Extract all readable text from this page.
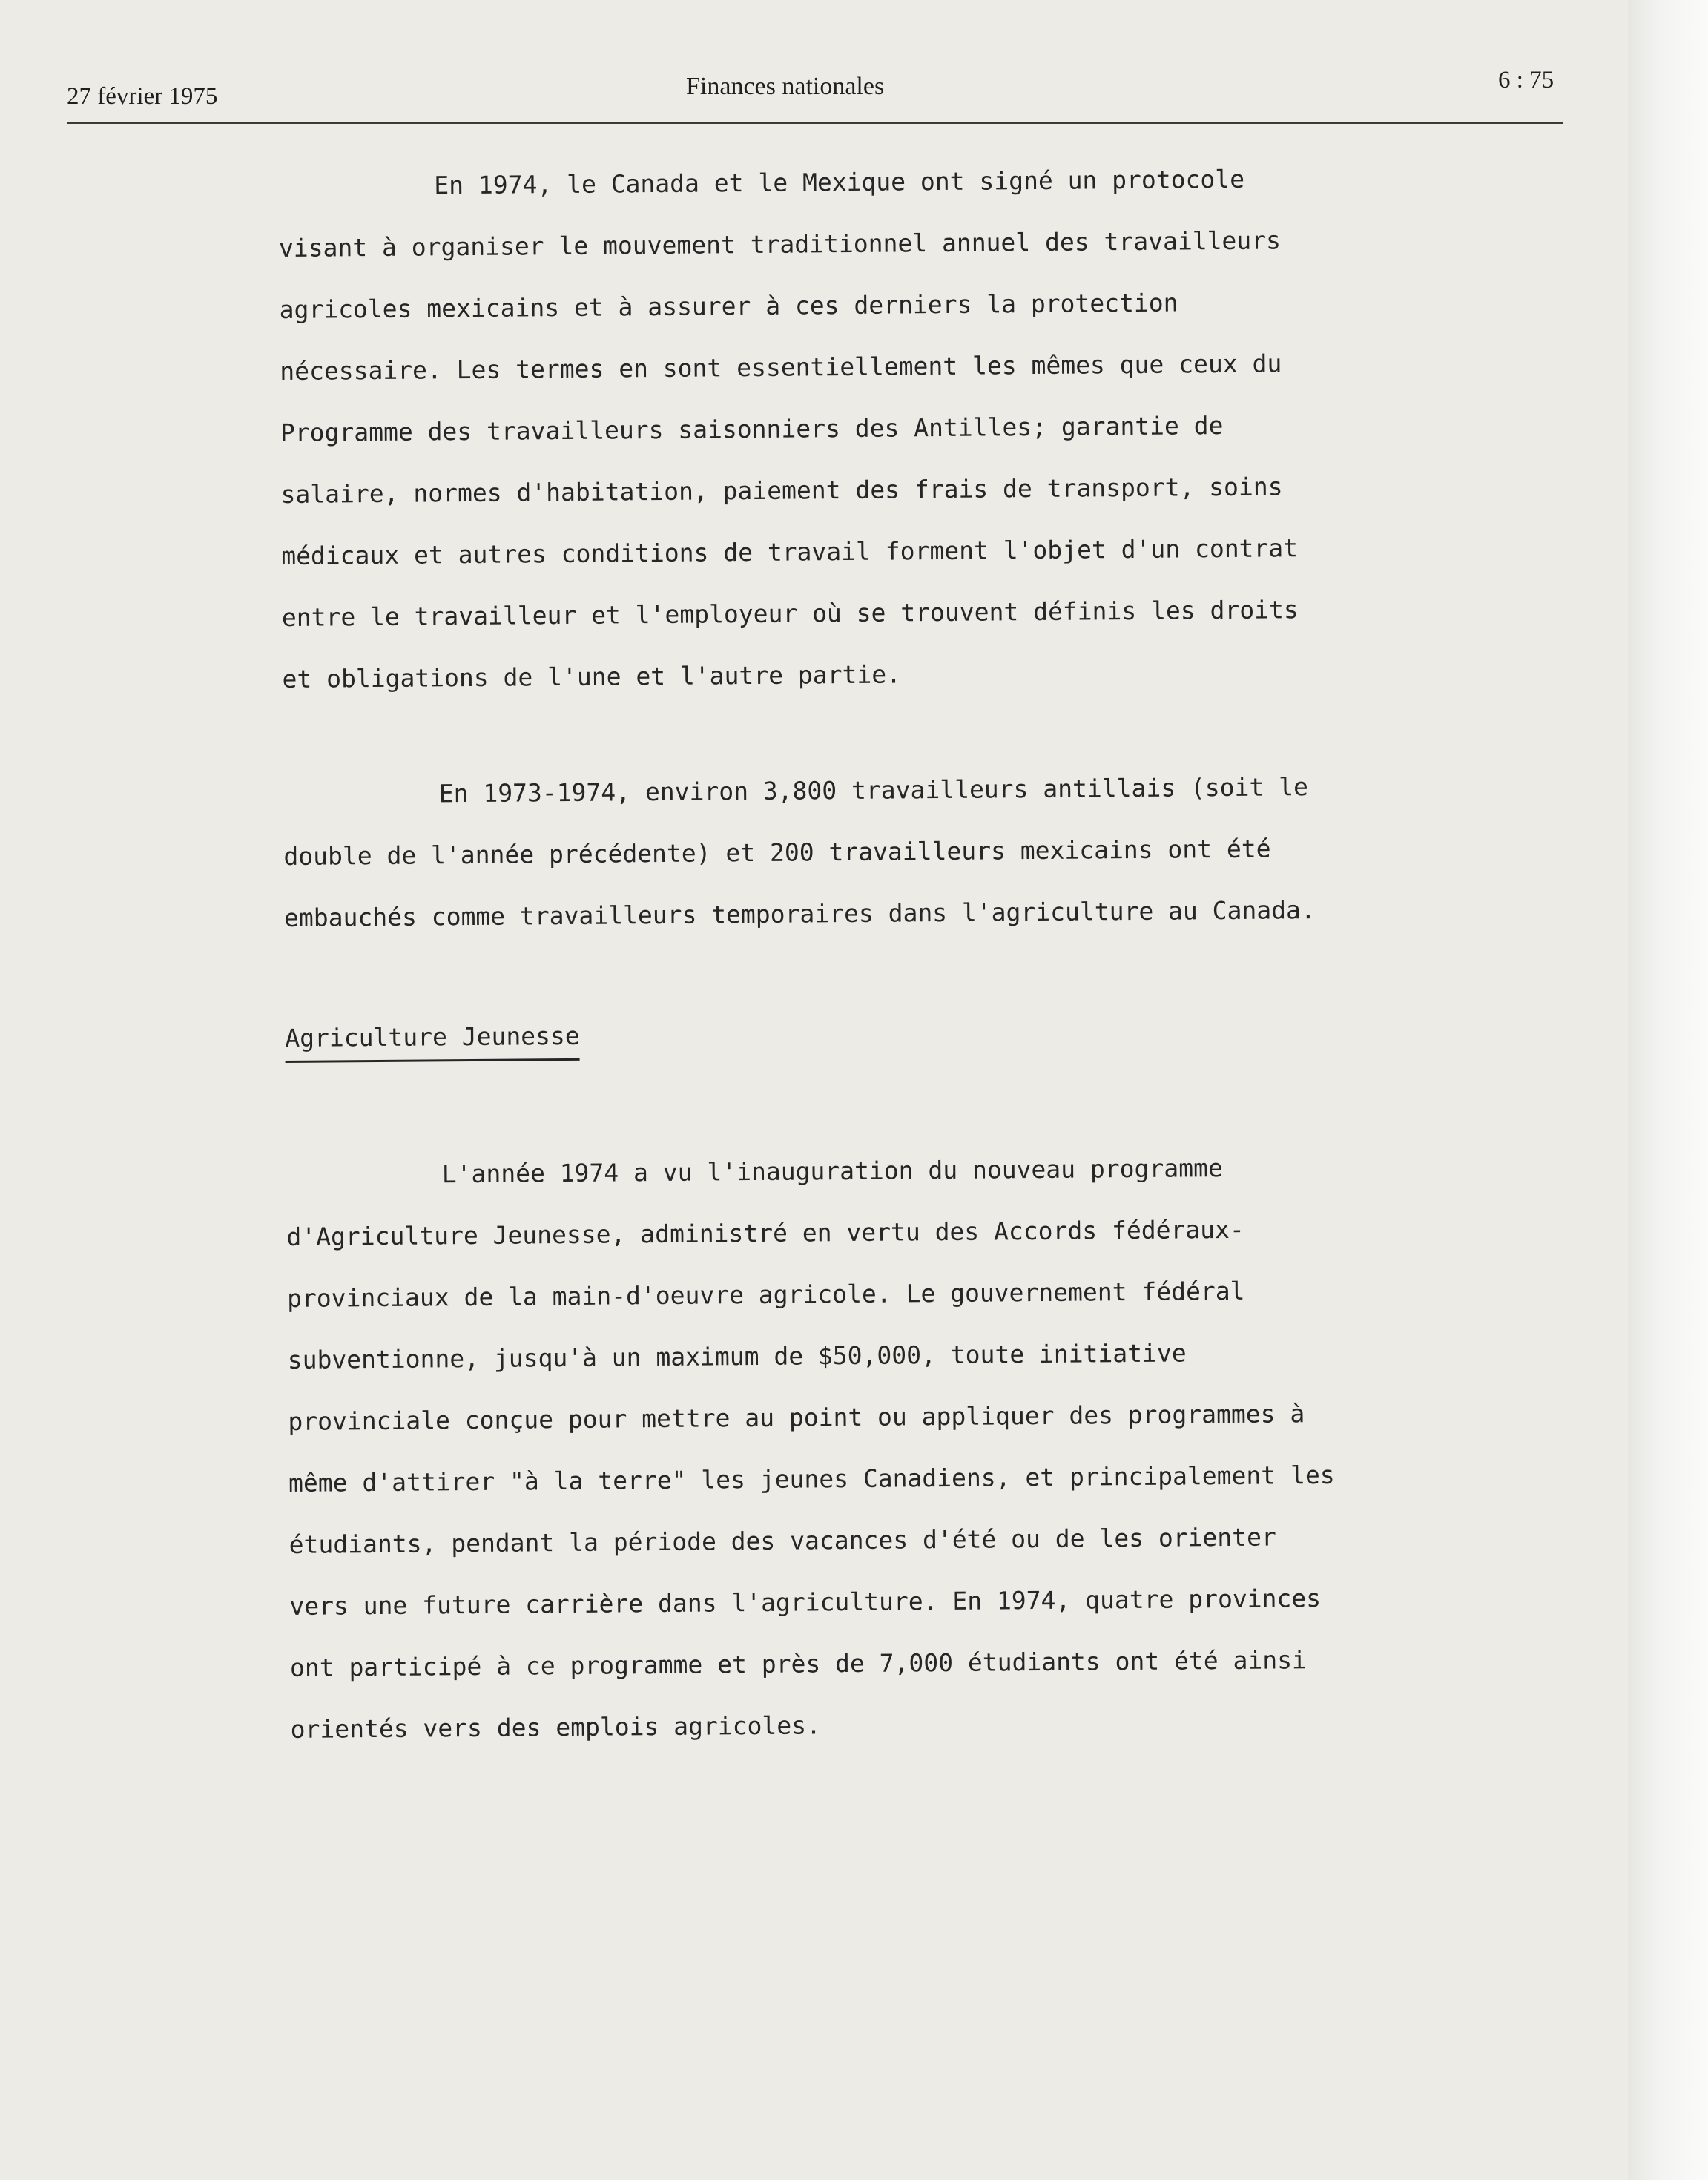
27 février 1975	Finances nationales	6 : 75
En 1974, le Canada et le Mexique ont signé un protocole
visant à organiser le mouvement traditionnel annuel des travailleurs
agricoles mexicains et à assurer à ces derniers la protection
nécessaire. Les termes en sont essentiellement les mêmes que ceux du
Programme des travailleurs saisonniers des Antilles; garantie de
salaire, normes d'habitation, paiement des frais de transport, soins
médicaux et autres conditions de travail forment l'objet d'un contrat
entre le travailleur et l'employeur où se trouvent définis les droits
et obligations de l'une et l'autre partie.
En 1973-1974, environ 3,800 travailleurs antillais (soit le
double de l'année précédente) et 200 travailleurs mexicains ont été
embauchés comme travailleurs temporaires dans l'agriculture au Canada.
Agriculture Jeunesse
L'année 1974 a vu l'inauguration du nouveau programme
d'Agriculture Jeunesse, administré en vertu des Accords fédéraux-
provinciaux de la main-d'oeuvre agricole. Le gouvernement fédéral
subventionne, jusqu'à un maximum de $50,000, toute initiative
provinciale conçue pour mettre au point ou appliquer des programmes à
même d'attirer "à la terre" les jeunes Canadiens, et principalement les
étudiants, pendant la période des vacances d'été ou de les orienter
vers une future carrière dans l'agriculture. En 1974, quatre provinces
ont participé à ce programme et près de 7,000 étudiants ont été ainsi
orientés vers des emplois agricoles.
